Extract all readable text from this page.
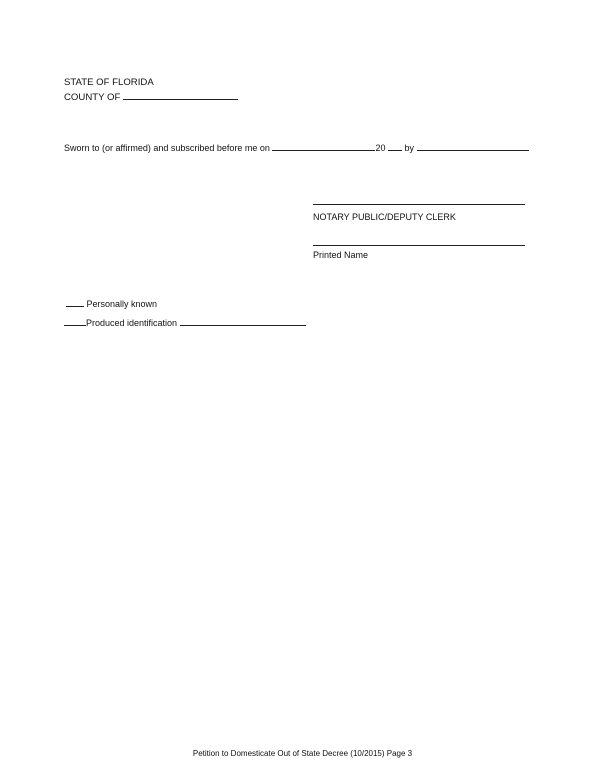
STATE OF FLORIDA
COUNTY OF
Sworn to (or affirmed) and subscribed before me on	20 by
NOTARY PUBLIC/DEPUTY CLERK
Printed Name
Personally known
Produced identification
Petition to Domesticate Out of State Decree (10/2015) Page 3
